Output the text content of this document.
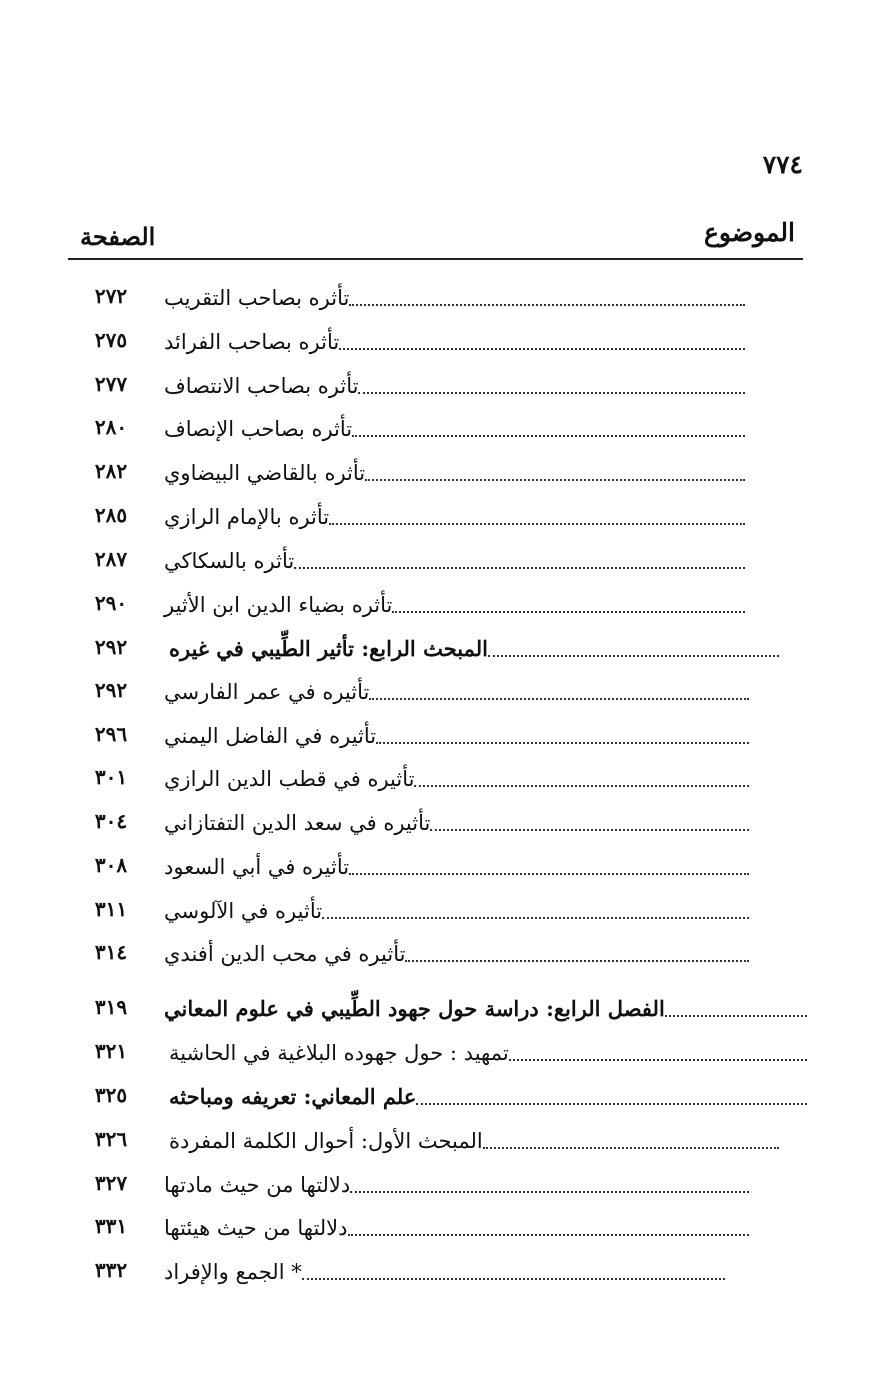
٧٧٤
الموضوع
الصفحة
تأثره بصاحب التقريب
٢٧٢
تأثره بصاحب الفرائد
٢٧٥
تأثره بصاحب الانتصاف
٢٧٧
تأثره بصاحب الإنصاف
٢٨٠
تأثره بالقاضي البيضاوي
٢٨٢
تأثره بالإمام الرازي
٢٨٥
تأثره بالسكاكي
٢٨٧
تأثره بضياء الدين ابن الأثير
٢٩٠
المبحث الرابع: تأثير الطِّيبي في غيره
٢٩٢
تأثيره في عمر الفارسي
٢٩٢
تأثيره في الفاضل اليمني
٢٩٦
تأثيره في قطب الدين الرازي
٣٠١
تأثيره في سعد الدين التفتازاني
٣٠٤
تأثيره في أبي السعود
٣٠٨
تأثيره في الآلوسي
٣١١
تأثيره في محب الدين أفندي
٣١٤
الفصل الرابع: دراسة حول جهود الطِّيبي في علوم المعاني
٣١٩
تمهيد : حول جهوده البلاغية في الحاشية
٣٢١
علم المعاني: تعريفه ومباحثه
٣٢٥
المبحث الأول: أحوال الكلمة المفردة
٣٢٦
دلالتها من حيث مادتها
٣٢٧
دلالتها من حيث هيئتها
٣٣١
* الجمع والإفراد
٣٣٢
